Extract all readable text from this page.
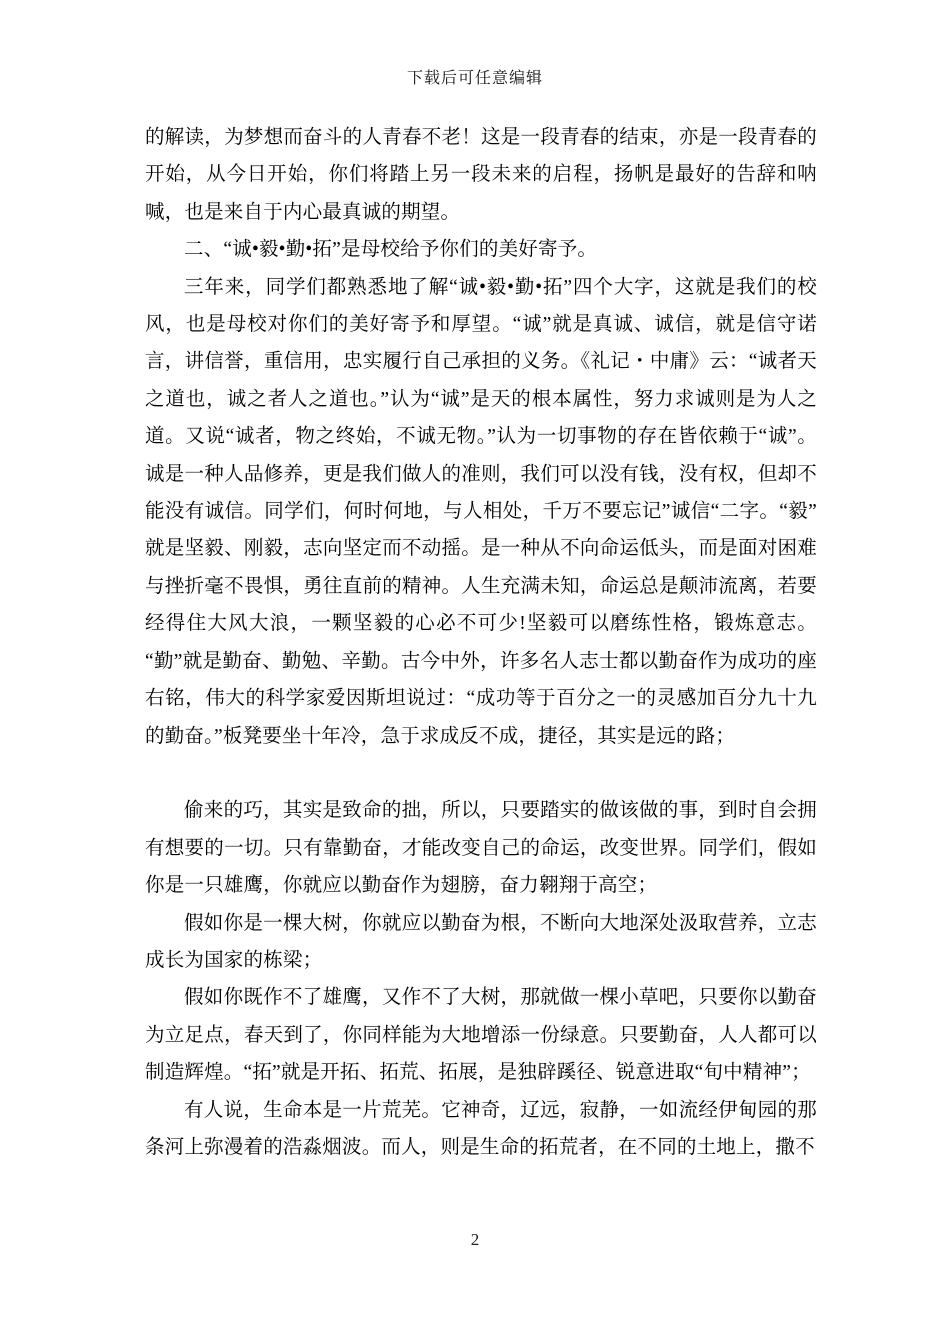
下载后可任意编辑

的解读，为梦想而奋斗的人青春不老！这是一段青春的结束，亦是一段青春的开始，从今日开始，你们将踏上另一段未来的启程，扬帆是最好的告辞和呐喊，也是来自于内心最真诚的期望。

二、“诚•毅•勤•拓”是母校给予你们的美好寄予。

三年来，同学们都熟悉地了解“诚•毅•勤•拓”四个大字，这就是我们的校风，也是母校对你们的美好寄予和厚望。“诚”就是真诚、诚信，就是信守诺言，讲信誉，重信用，忠实履行自己承担的义务。《礼记・中庸》云：“诚者天之道也，诚之者人之道也。”认为“诚”是天的根本属性，努力求诚则是为人之道。又说“诚者，物之终始，不诚无物。”认为一切事物的存在皆依赖于“诚”。诚是一种人品修养，更是我们做人的准则，我们可以没有钱，没有权，但却不能没有诚信。同学们，何时何地，与人相处，千万不要忘记”诚信“二字。“毅”就是坚毅、刚毅，志向坚定而不动摇。是一种从不向命运低头，而是面对困难与挫折毫不畏惧，勇往直前的精神。人生充满未知，命运总是颠沛流离，若要经得住大风大浪，一颗坚毅的心必不可少!坚毅可以磨练性格，锻炼意志。“勤”就是勤奋、勤勉、辛勤。古今中外，许多名人志士都以勤奋作为成功的座右铭，伟大的科学家爱因斯坦说过：“成功等于百分之一的灵感加百分九十九的勤奋。”板凳要坐十年冷，急于求成反不成，捷径，其实是远的路；

偷来的巧，其实是致命的拙，所以，只要踏实的做该做的事，到时自会拥有想要的一切。只有靠勤奋，才能改变自己的命运，改变世界。同学们，假如你是一只雄鹰，你就应以勤奋作为翅膀，奋力翱翔于高空；

假如你是一棵大树，你就应以勤奋为根，不断向大地深处汲取营养，立志成长为国家的栋梁；

假如你既作不了雄鹰，又作不了大树，那就做一棵小草吧，只要你以勤奋为立足点，春天到了，你同样能为大地增添一份绿意。只要勤奋，人人都可以制造辉煌。“拓”就是开拓、拓荒、拓展，是独辟蹊径、锐意进取“旬中精神”；

有人说，生命本是一片荒芜。它神奇，辽远，寂静，一如流经伊甸园的那条河上弥漫着的浩淼烟波。而人，则是生命的拓荒者，在不同的土地上，撒不

2
